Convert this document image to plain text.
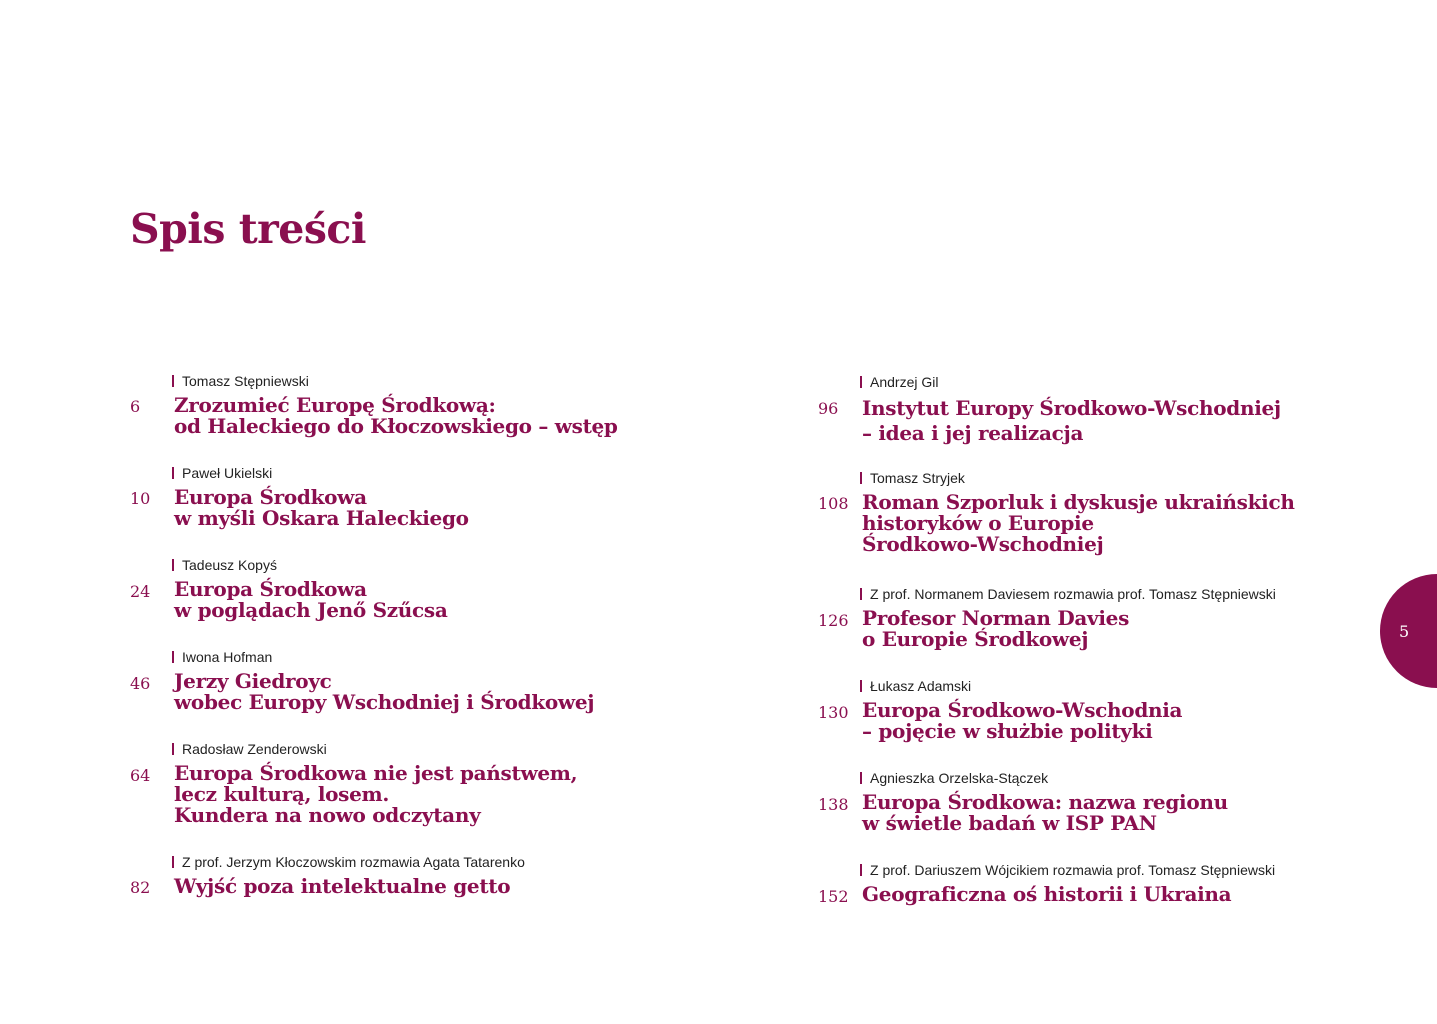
Spis treści
Tomasz Stępniewski
6 Zrozumieć Europę Środkową:
od Haleckiego do Kłoczowskiego – wstęp
Paweł Ukielski
10 Europa Środkowa
w myśli Oskara Haleckiego
Tadeusz Kopyś
24 Europa Środkowa
w poglądach Jenő Szűcsa
Iwona Hofman
46 Jerzy Giedroyc
wobec Europy Wschodniej i Środkowej
Radosław Zenderowski
64 Europa Środkowa nie jest państwem,
lecz kulturą, losem.
Kundera na nowo odczytany
Z prof. Jerzym Kłoczowskim rozmawia Agata Tatarenko
82 Wyjść poza intelektualne getto
Andrzej Gil
96 Instytut Europy Środkowo-Wschodniej
– idea i jej realizacja
Tomasz Stryjek
108 Roman Szporluk i dyskusje ukraińskich
historyków o Europie
Środkowo-Wschodniej
Z prof. Normanem Daviesem rozmawia prof. Tomasz Stępniewski
126 Profesor Norman Davies
o Europie Środkowej
Łukasz Adamski
130 Europa Środkowo-Wschodnia
– pojęcie w służbie polityki
Agnieszka Orzelska-Stączek
138 Europa Środkowa: nazwa regionu
w świetle badań w ISP PAN
Z prof. Dariuszem Wójcikiem rozmawia prof. Tomasz Stępniewski
152 Geograficzna oś historii i Ukraina
5
